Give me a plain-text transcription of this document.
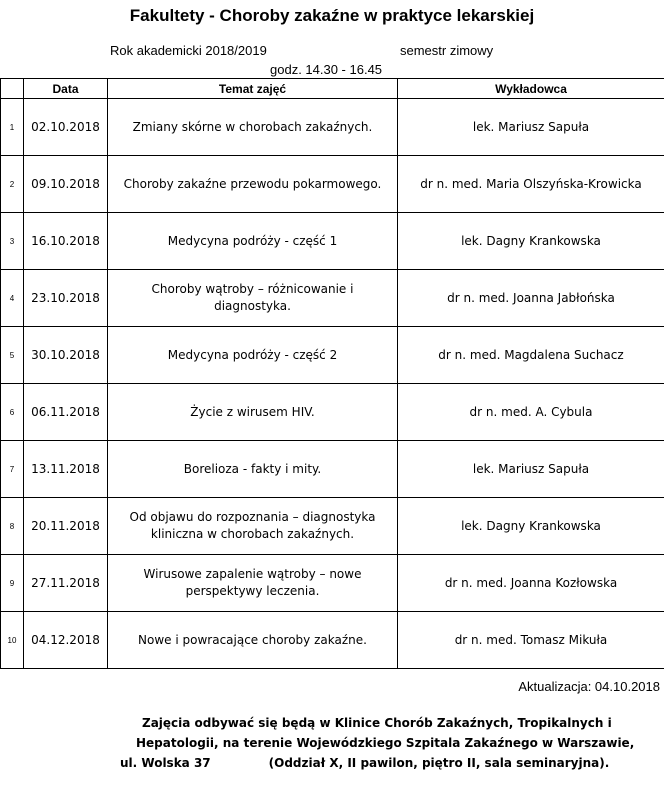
Fakultety - Choroby zakaźne w praktyce lekarskiej
Rok akademicki 2018/2019	semestr zimowy
godz. 14.30 - 16.45
	Data	Temat zajęć	Wykładowca
1	02.10.2018	Zmiany skórne w chorobach zakaźnych.	lek. Mariusz Sapuła
2	09.10.2018	Choroby zakaźne przewodu pokarmowego.	dr n. med. Maria Olszyńska-Krowicka
3	16.10.2018	Medycyna podróży - część 1	lek. Dagny Krankowska
4	23.10.2018	Choroby wątroby – różnicowanie i diagnostyka.	dr n. med. Joanna Jabłońska
5	30.10.2018	Medycyna podróży - część 2	dr n. med. Magdalena Suchacz
6	06.11.2018	Życie z wirusem HIV.	dr n. med. A. Cybula
7	13.11.2018	Borelioza - fakty i mity.	lek. Mariusz Sapuła
8	20.11.2018	Od objawu do rozpoznania – diagnostyka kliniczna w chorobach zakaźnych.	lek. Dagny Krankowska
9	27.11.2018	Wirusowe zapalenie wątroby – nowe perspektywy leczenia.	dr n. med. Joanna Kozłowska
10	04.12.2018	Nowe i powracające choroby zakaźne.	dr n. med. Tomasz Mikuła
Aktualizacja: 04.10.2018
Zajęcia odbywać się będą w Klinice Chorób Zakaźnych, Tropikalnych i
Hepatologii, na terenie Wojewódzkiego Szpitala Zakaźnego w Warszawie,
ul. Wolska 37	(Oddział X, II pawilon, piętro II, sala seminaryjna).
